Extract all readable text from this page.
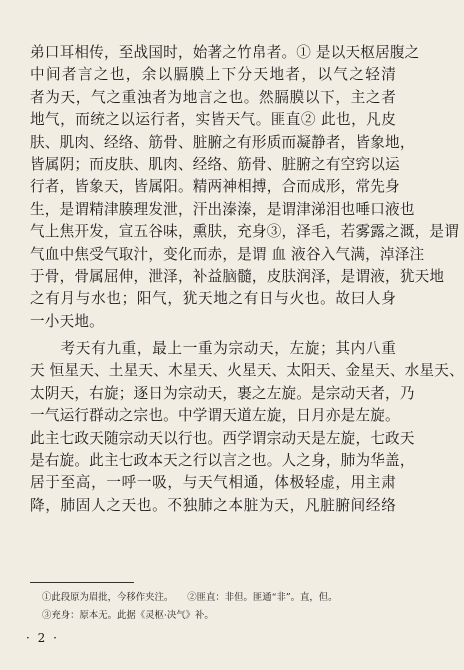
弟口耳相传，至战国时，始著之竹帛者。① 是以天枢居腹之
中间者言之也，余以膈膜上下分天地者，以气之轻清
者为天，气之重浊者为地言之也。然膈膜以下，主之者
地气，而统之以运行者，实皆天气。匪直② 此也，凡皮
肤、肌肉、经络、筋骨、脏腑之有形质而凝静者，皆象地，
皆属阴；而皮肤、肌肉、经络、筋骨、脏腑之有空窍以运
行者，皆象天，皆属阳。精两神相搏，合而成形，常先身
生，是谓精津腠理发泄，汗出溱溱，是谓津涕泪也唾口液也
气上焦开发，宣五谷味，熏肤，充身③，泽毛，若雾露之溉，是谓
气血中焦受气取汁，变化而赤，是谓 血 液谷入气满，淖泽注
于骨，骨属屈伸，泄泽，补益脑髓，皮肤润泽，是谓液，犹天地
之有月与水也；阳气，犹天地之有日与火也。故曰人身
一小天地。
　　考天有九重，最上一重为宗动天，左旋；其内八重
天 恒星天、土星天、木星天、火星天、太阳天、金星天、水星天、
太阴天，右旋；逐日为宗动天，裹之左旋。是宗动天者，乃
一气运行群动之宗也。中学谓天道左旋，日月亦是左旋。
此主七政天随宗动天以行也。西学谓宗动天是左旋，七政天
是右旋。此主七政本天之行以言之也。人之身，肺为华盖，
居于至高，一呼一吸，与天气相通，体极轻虚，用主肃
降，肺固人之天也。不独肺之本脏为天，凡脏腑间经络
①此段原为眉批，今移作夹注。　　②匪直：非但。匪通“非”。直，但。
③充身：原本无。此据《灵枢·决气》补。
· 2 ·
